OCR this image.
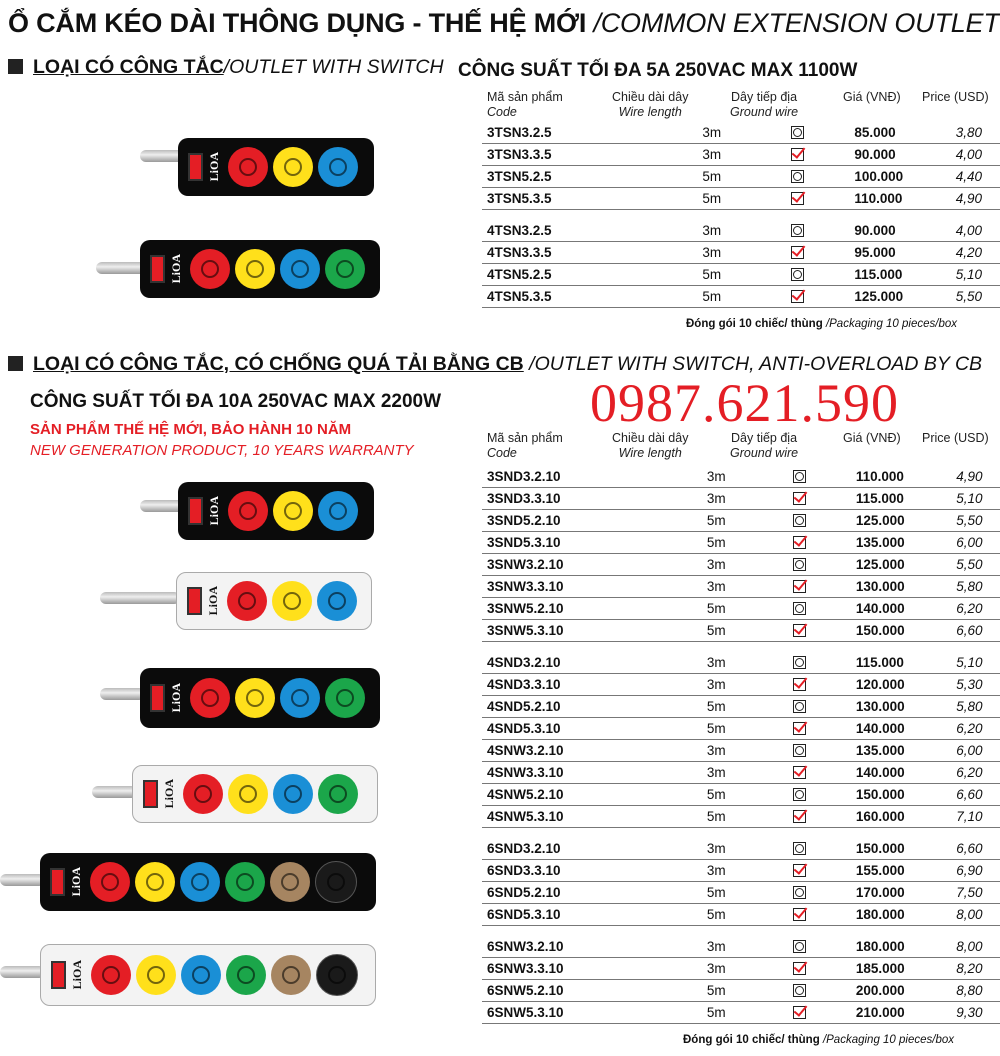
Ổ CẮM KÉO DÀI THÔNG DỤNG - THẾ HỆ MỚI /COMMON EXTENSION OUTLET
LOẠI CÓ CÔNG TẮC/OUTLET WITH SWITCH CÔNG SUẤT TỐI ĐA 5A 250VAC MAX 1100W
Mã sản phẩm
Code
Chiều dài dây
Wire length
Dây tiếp địa
Ground wire
Giá (VNĐ) Price (USD)
3TSN3.2.5	3m		85.000	3,80
3TSN3.3.5	3m		90.000	4,00
3TSN5.2.5	5m		100.000	4,40
3TSN5.3.5	5m		110.000	4,90
4TSN3.2.5	3m		90.000	4,00
4TSN3.3.5	3m		95.000	4,20
4TSN5.2.5	5m		115.000	5,10
4TSN5.3.5	5m		125.000	5,50
Đóng gói 10 chiếc/ thùng /Packaging 10 pieces/box
LOẠI CÓ CÔNG TẮC, CÓ CHỐNG QUÁ TẢI BẰNG CB /OUTLET WITH SWITCH, ANTI-OVERLOAD BY CB
CÔNG SUẤT TỐI ĐA 10A 250VAC MAX 2200W	0987.621.590
SẢN PHẨM THẾ HỆ MỚI, BẢO HÀNH 10 NĂM
NEW GENERATION PRODUCT, 10 YEARS WARRANTY
Mã sản phẩm
Code
Chiều dài dây
Wire length
Dây tiếp địa
Ground wire
Giá (VNĐ) Price (USD)
3SND3.2.10	3m		110.000	4,90
3SND3.3.10	3m		115.000	5,10
3SND5.2.10	5m		125.000	5,50
3SND5.3.10	5m		135.000	6,00
3SNW3.2.10	3m		125.000	5,50
3SNW3.3.10	3m		130.000	5,80
3SNW5.2.10	5m		140.000	6,20
3SNW5.3.10	5m		150.000	6,60
4SND3.2.10	3m		115.000	5,10
4SND3.3.10	3m		120.000	5,30
4SND5.2.10	5m		130.000	5,80
4SND5.3.10	5m		140.000	6,20
4SNW3.2.10	3m		135.000	6,00
4SNW3.3.10	3m		140.000	6,20
4SNW5.2.10	5m		150.000	6,60
4SNW5.3.10	5m		160.000	7,10
6SND3.2.10	3m		150.000	6,60
6SND3.3.10	3m		155.000	6,90
6SND5.2.10	5m		170.000	7,50
6SND5.3.10	5m		180.000	8,00
6SNW3.2.10	3m		180.000	8,00
6SNW3.3.10	3m		185.000	8,20
6SNW5.2.10	5m		200.000	8,80
6SNW5.3.10	5m		210.000	9,30
Đóng gói 10 chiếc/ thùng /Packaging 10 pieces/box
LiOA
LiOA
LiOA
LiOA
LiOA
LiOA
LiOA
LiOA
